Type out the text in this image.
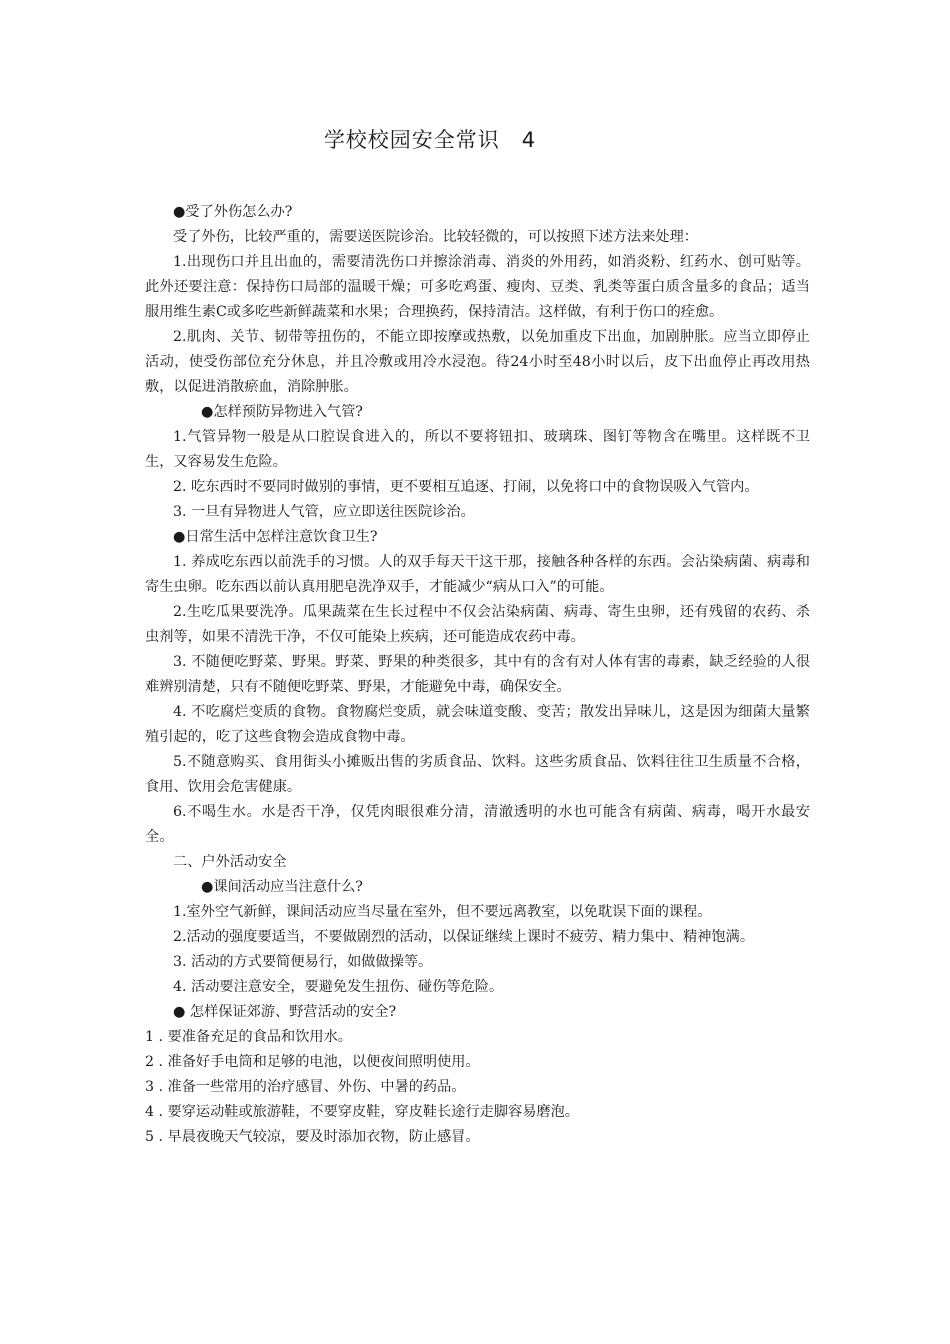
学校校园安全常识　4

●受了外伤怎么办?

受了外伤，比较严重的，需要送医院诊治。比较轻微的，可以按照下述方法来处理：

1.出现伤口并且出血的，需要清洗伤口并擦涂消毒、消炎的外用药，如消炎粉、红药水、创可贴等。此外还要注意：保持伤口局部的温暖干燥；可多吃鸡蛋、瘦肉、豆类、乳类等蛋白质含量多的食品；适当服用维生素C或多吃些新鲜蔬菜和水果；合理换药，保持清洁。这样做，有利于伤口的痊愈。

2.肌肉、关节、韧带等扭伤的，不能立即按摩或热敷，以免加重皮下出血，加剧肿胀。应当立即停止活动，使受伤部位充分休息，并且冷敷或用冷水浸泡。待24小时至48小时以后，皮下出血停止再改用热敷，以促进消散瘀血，消除肿胀。

●怎样预防异物进入气管?

1.气管异物一般是从口腔误食进入的，所以不要将钮扣、玻璃珠、图钉等物含在嘴里。这样既不卫生，又容易发生危险。

2. 吃东西时不要同时做别的事情，更不要相互追逐、打闹，以免将口中的食物误吸入气管内。

3. 一旦有异物进人气管，应立即送往医院诊治。

●日常生活中怎样注意饮食卫生?

1. 养成吃东西以前洗手的习惯。人的双手每天干这干那，接触各种各样的东西。会沾染病菌、病毒和寄生虫卵。吃东西以前认真用肥皂洗净双手，才能减少“病从口入”的可能。

2.生吃瓜果要洗净。瓜果蔬菜在生长过程中不仅会沾染病菌、病毒、寄生虫卵，还有残留的农药、杀虫剂等，如果不清洗干净，不仅可能染上疾病，还可能造成农药中毒。

3. 不随便吃野菜、野果。野菜、野果的种类很多，其中有的含有对人体有害的毒素，缺乏经验的人很难辨别清楚，只有不随便吃野菜、野果，才能避免中毒，确保安全。

4. 不吃腐烂变质的食物。食物腐烂变质，就会味道变酸、变苦；散发出异味儿，这是因为细菌大量繁殖引起的，吃了这些食物会造成食物中毒。

5.不随意购买、食用街头小摊贩出售的劣质食品、饮料。这些劣质食品、饮料往往卫生质量不合格，食用、饮用会危害健康。

6.不喝生水。水是否干净，仅凭肉眼很难分清，清澈透明的水也可能含有病菌、病毒，喝开水最安全。

二、户外活动安全

●课间活动应当注意什么?

1.室外空气新鲜，课间活动应当尽量在室外，但不要远离教室，以免耽误下面的课程。

2.活动的强度要适当，不要做剧烈的活动，以保证继续上课时不疲劳、精力集中、精神饱满。

3. 活动的方式要简便易行，如做做操等。

4. 活动要注意安全，要避免发生扭伤、碰伤等危险。

● 怎样保证郊游、野营活动的安全?

1 . 要准备充足的食品和饮用水。

2 . 准备好手电筒和足够的电池，以便夜间照明使用。

3 . 准备一些常用的治疗感冒、外伤、中暑的药品。

4 . 要穿运动鞋或旅游鞋，不要穿皮鞋，穿皮鞋长途行走脚容易磨泡。

5 . 早晨夜晚天气较凉，要及时添加衣物，防止感冒。
